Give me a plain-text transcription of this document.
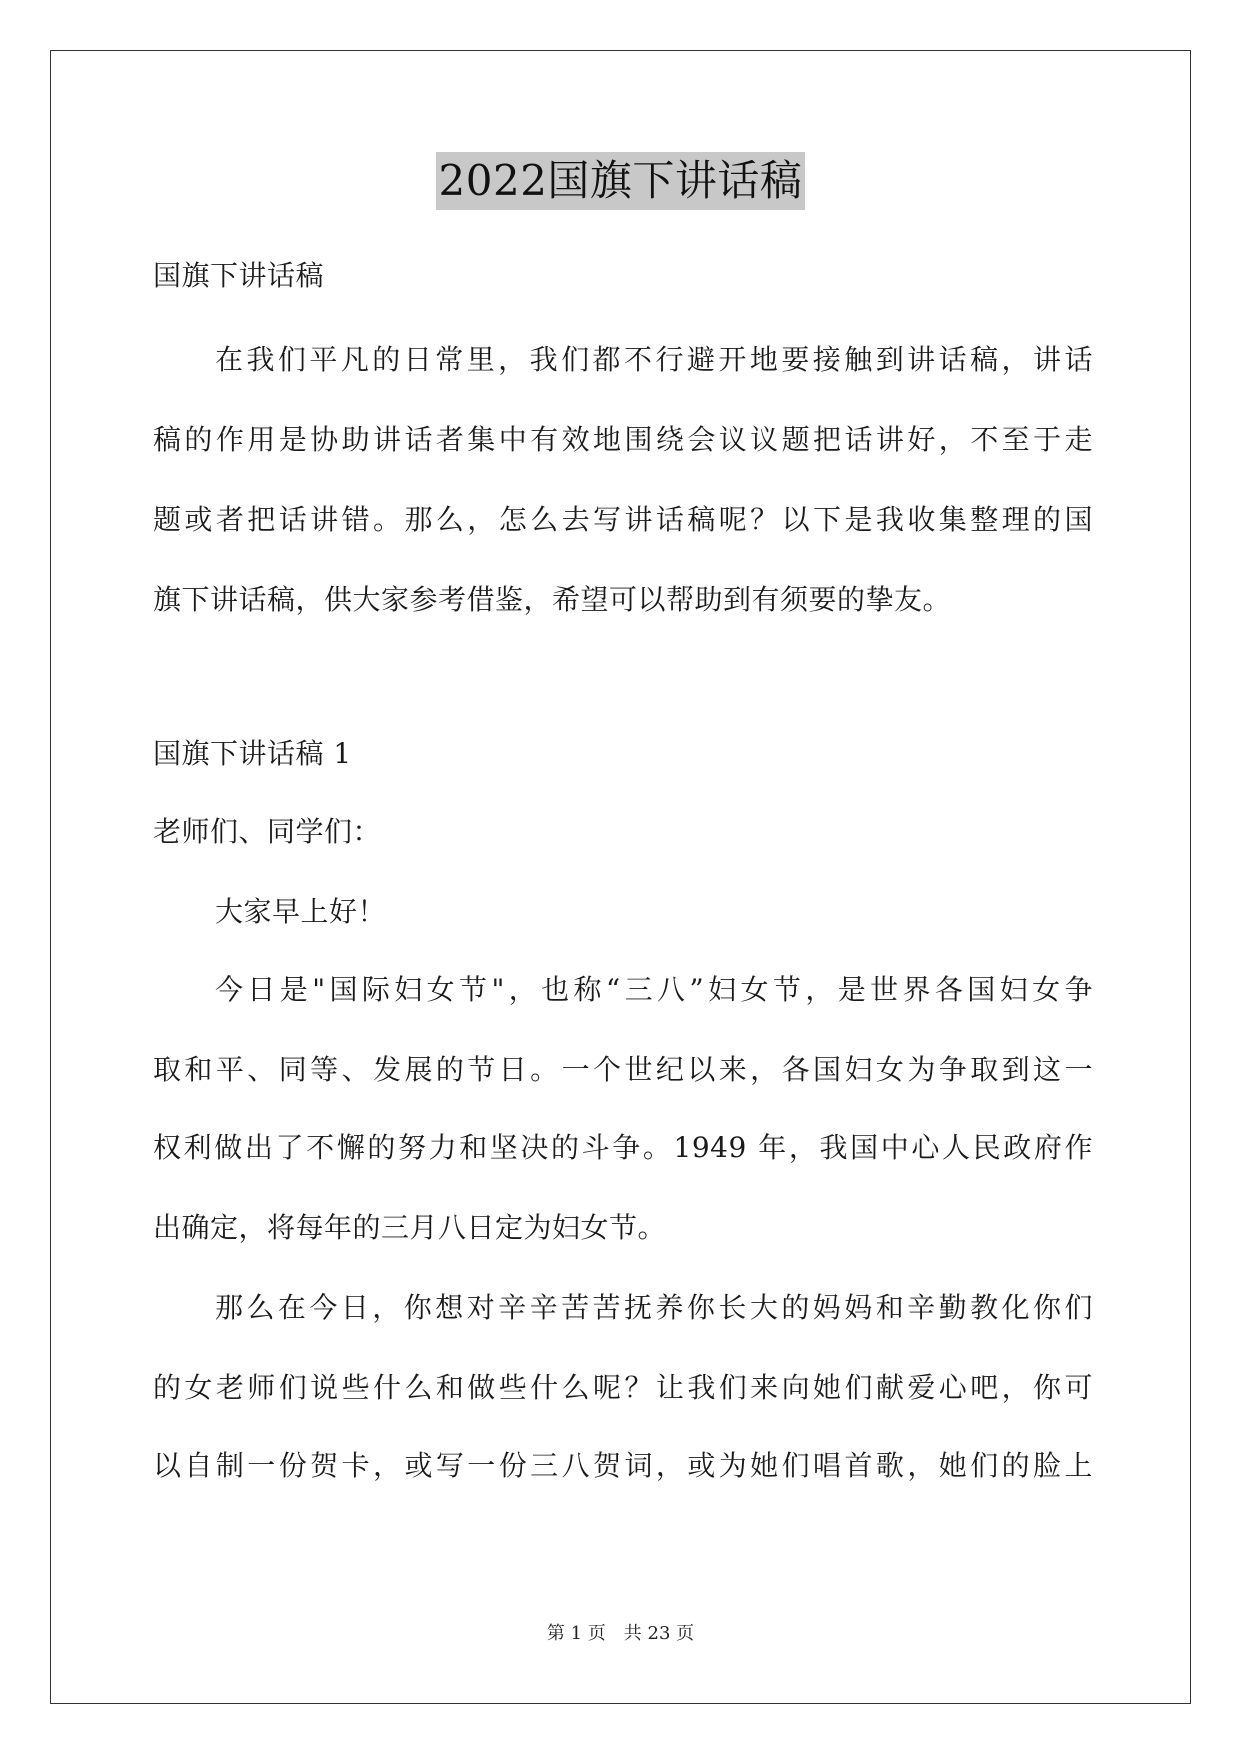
2022国旗下讲话稿
国旗下讲话稿
在我们平凡的日常里，我们都不行避开地要接触到讲话稿，讲话
稿的作用是协助讲话者集中有效地围绕会议议题把话讲好，不至于走
题或者把话讲错。那么，怎么去写讲话稿呢？以下是我收集整理的国
旗下讲话稿，供大家参考借鉴，希望可以帮助到有须要的挚友。
国旗下讲话稿 1
老师们、同学们：
大家早上好！
今日是"国际妇女节"，也称“三八”妇女节，是世界各国妇女争
取和平、同等、发展的节日。一个世纪以来，各国妇女为争取到这一
权利做出了不懈的努力和坚决的斗争。1949 年，我国中心人民政府作
出确定，将每年的三月八日定为妇女节。
那么在今日，你想对辛辛苦苦抚养你长大的妈妈和辛勤教化你们
的女老师们说些什么和做些什么呢？让我们来向她们献爱心吧，你可
以自制一份贺卡，或写一份三八贺词，或为她们唱首歌，她们的脸上
第 1 页 共 23 页
